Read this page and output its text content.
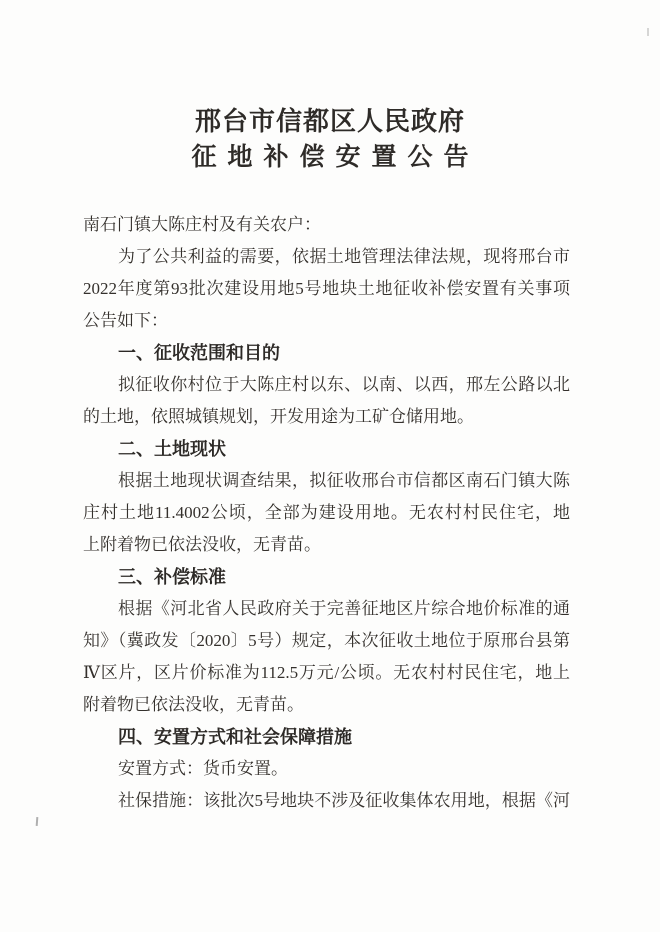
邢台市信都区人民政府
征地补偿安置公告
南石门镇大陈庄村及有关农户：
为了公共利益的需要，依据土地管理法律法规，现将邢台市
2022年度第93批次建设用地5号地块土地征收补偿安置有关事项
公告如下：
一、征收范围和目的
拟征收你村位于大陈庄村以东、以南、以西，邢左公路以北
的土地，依照城镇规划，开发用途为工矿仓储用地。
二、土地现状
根据土地现状调查结果，拟征收邢台市信都区南石门镇大陈
庄村土地11.4002公顷，全部为建设用地。无农村村民住宅，地
上附着物已依法没收，无青苗。
三、补偿标准
根据《河北省人民政府关于完善征地区片综合地价标准的通
知》（冀政发〔2020〕5号）规定，本次征收土地位于原邢台县第
Ⅳ区片，区片价标准为112.5万元/公顷。无农村村民住宅，地上
附着物已依法没收，无青苗。
四、安置方式和社会保障措施
安置方式：货币安置。
社保措施：该批次5号地块不涉及征收集体农用地，根据《河
